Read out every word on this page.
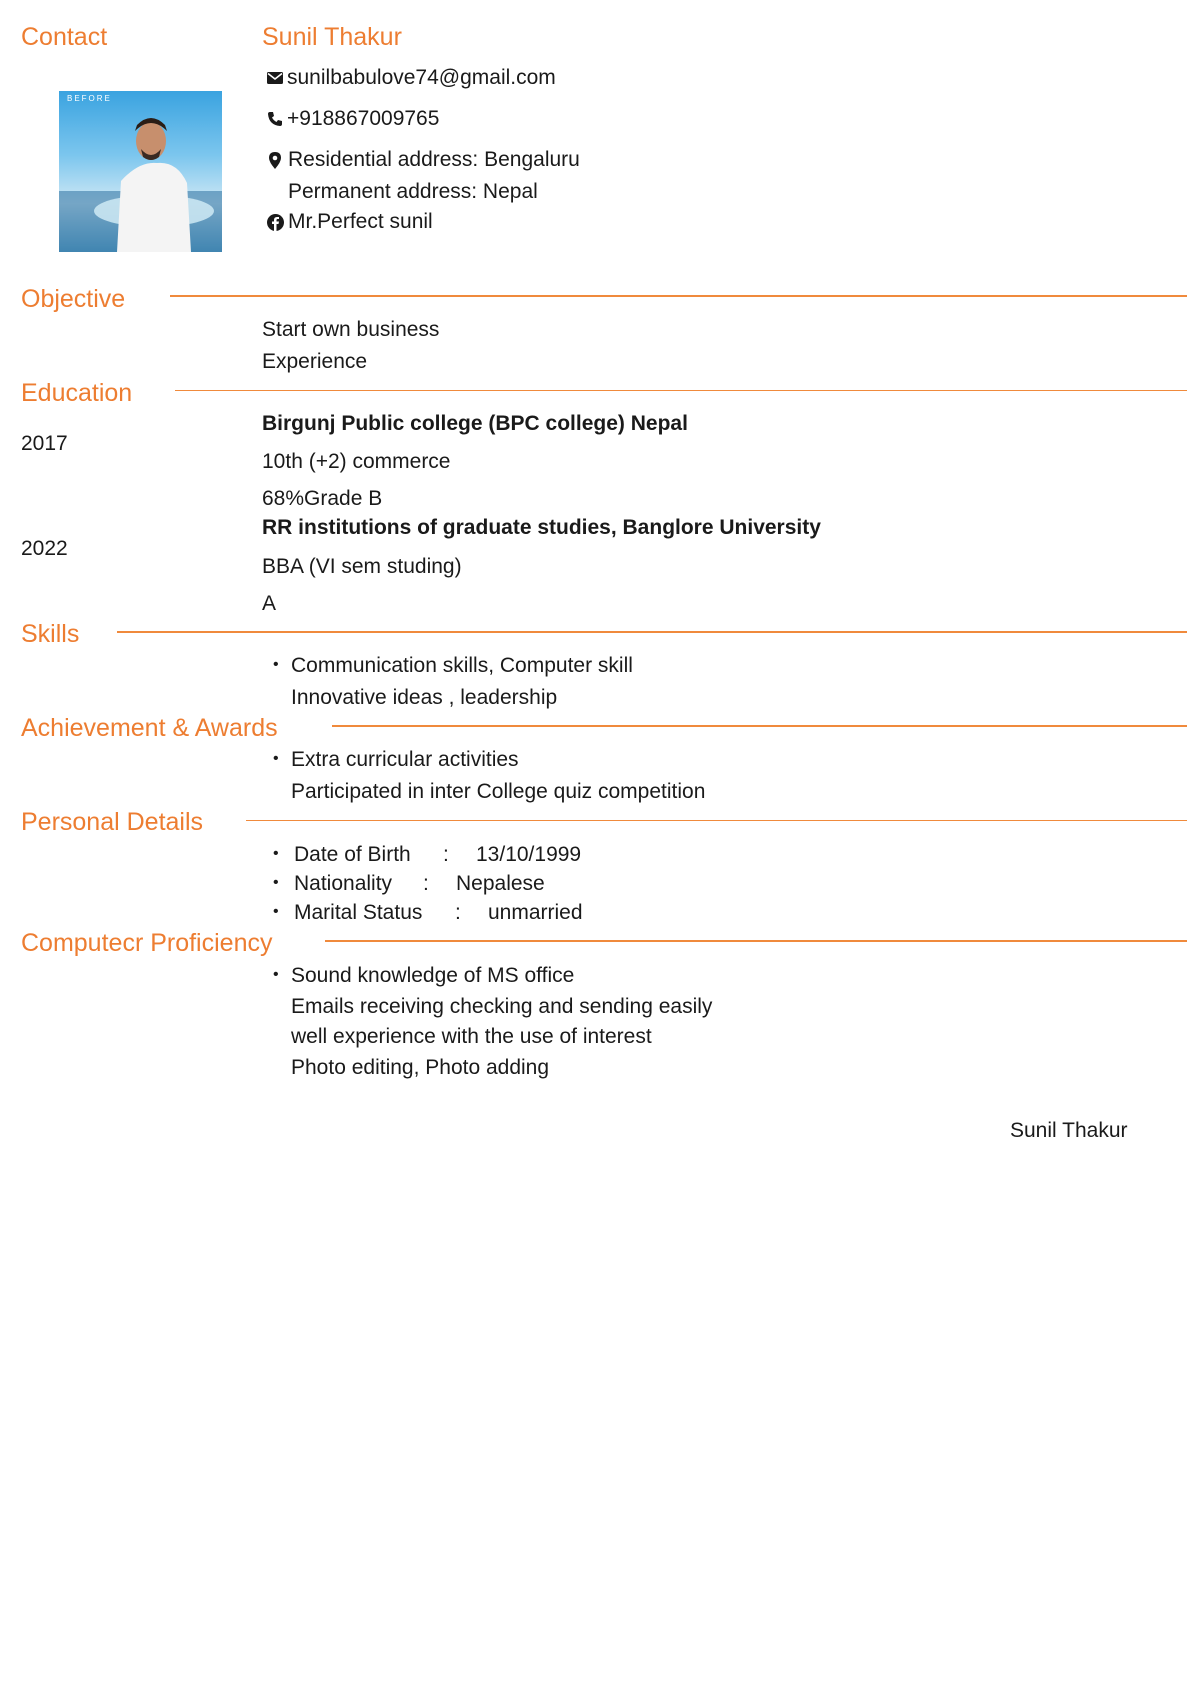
Contact	Sunil Thakur
BEFORE
sunilbabulove74@gmail.com
+918867009765
Residential address: Bengaluru
Permanent address: Nepal
Mr.Perfect sunil
Objective
Start own business
Experience
Education
2017
Birgunj Public college (BPC college) Nepal
10th (+2) commerce
68%Grade B
2022
RR institutions of graduate studies, Banglore University
BBA (VI sem studing)
A
Skills
• Communication skills, Computer skill
Innovative ideas , leadership
Achievement & Awards
• Extra curricular activities
Participated in inter College quiz competition
Personal Details
• Date of Birth : 13/10/1999
• Nationality : Nepalese
• Marital Status : unmarried
Computecr Proficiency
• Sound knowledge of MS office
Emails receiving checking and sending easily
well experience with the use of interest
Photo editing, Photo adding
Sunil Thakur
